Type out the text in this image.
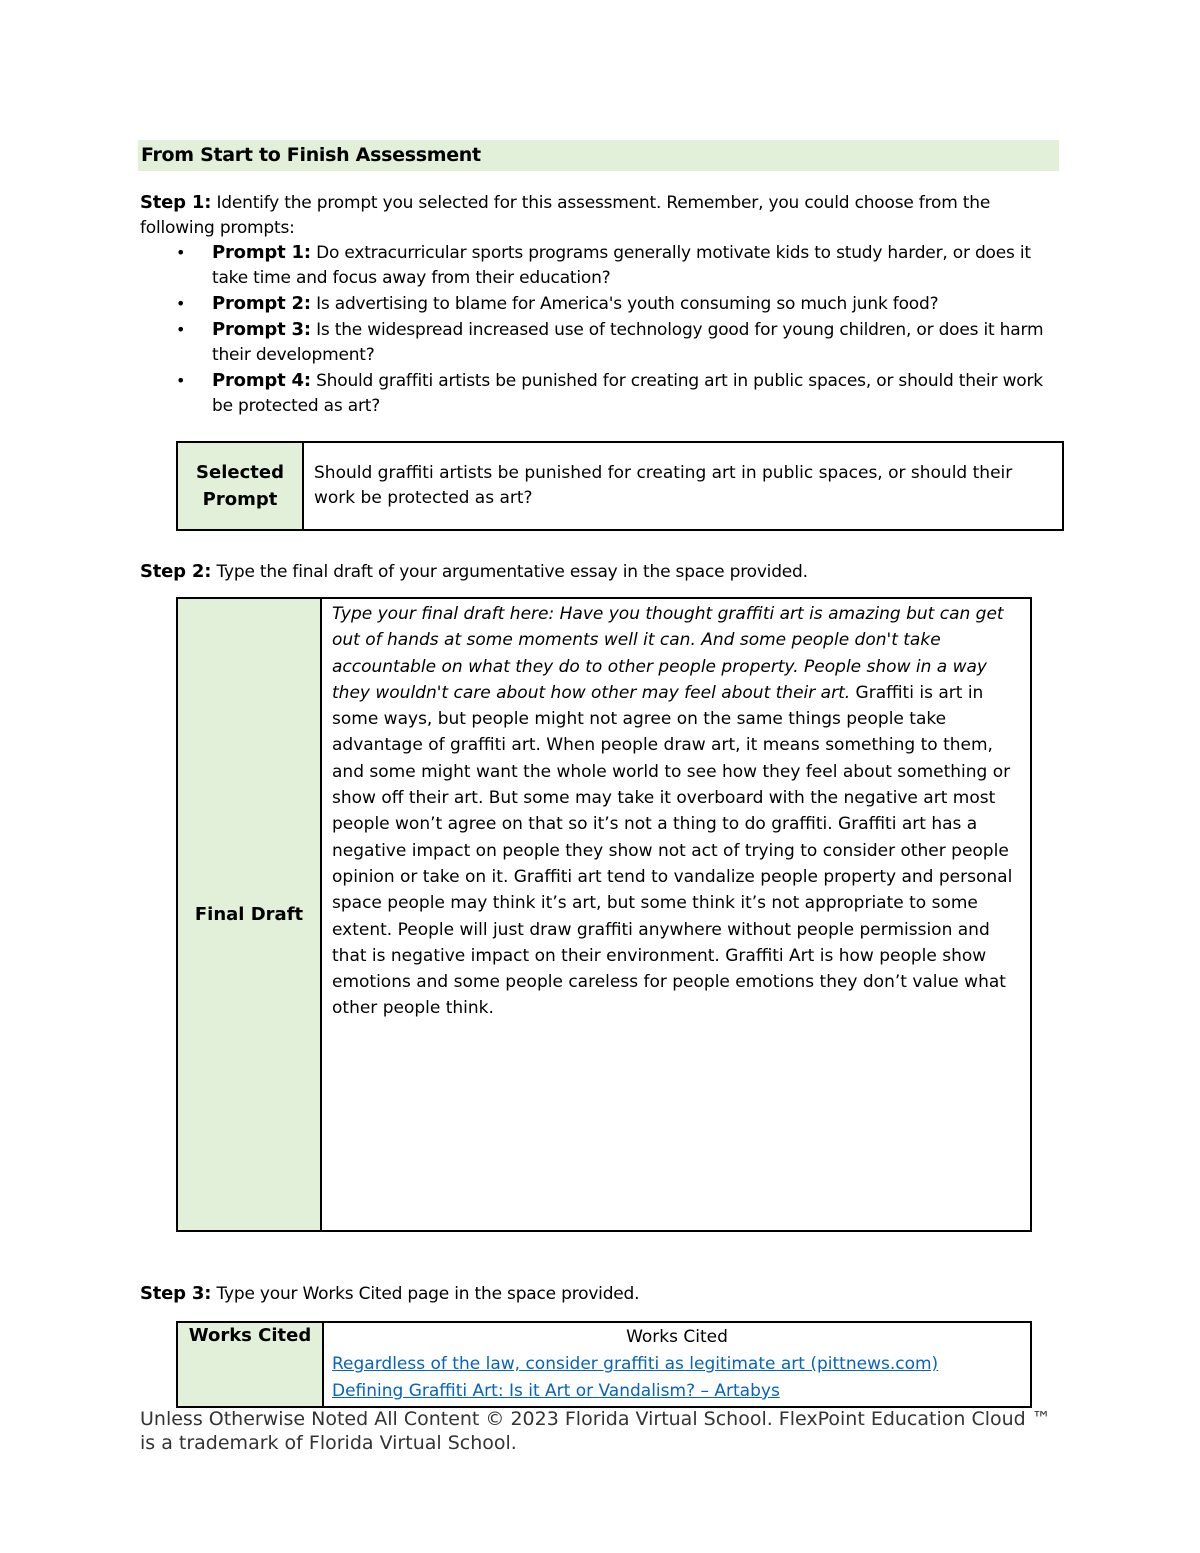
From Start to Finish Assessment
Step 1: Identify the prompt you selected for this assessment. Remember, you could choose from the following prompts:
• Prompt 1: Do extracurricular sports programs generally motivate kids to study harder, or does it take time and focus away from their education?
• Prompt 2: Is advertising to blame for America's youth consuming so much junk food?
• Prompt 3: Is the widespread increased use of technology good for young children, or does it harm their development?
• Prompt 4: Should graffiti artists be punished for creating art in public spaces, or should their work be protected as art?
Selected
Prompt	Should graffiti artists be punished for creating art in public spaces, or should their work be protected as art?
Step 2: Type the final draft of your argumentative essay in the space provided.
Final Draft	Type your final draft here: Have you thought graffiti art is amazing but can get out of hands at some moments well it can. And some people don't take accountable on what they do to other people property. People show in a way they wouldn't care about how other may feel about their art. Graffiti is art in some ways, but people might not agree on the same things people take advantage of graffiti art. When people draw art, it means something to them, and some might want the whole world to see how they feel about something or show off their art. But some may take it overboard with the negative art most people won’t agree on that so it’s not a thing to do graffiti. Graffiti art has a negative impact on people they show not act of trying to consider other people opinion or take on it. Graffiti art tend to vandalize people property and personal space people may think it’s art, but some think it’s not appropriate to some extent. People will just draw graffiti anywhere without people permission and that is negative impact on their environment. Graffiti Art is how people show emotions and some people careless for people emotions they don’t value what other people think.
Step 3: Type your Works Cited page in the space provided.
Works Cited	Works Cited
Regardless of the law, consider graffiti as legitimate art (pittnews.com)
Defining Graffiti Art: Is it Art or Vandalism? – Artabys
Unless Otherwise Noted All Content © 2023 Florida Virtual School. FlexPoint Education Cloud ™ is a trademark of Florida Virtual School.
